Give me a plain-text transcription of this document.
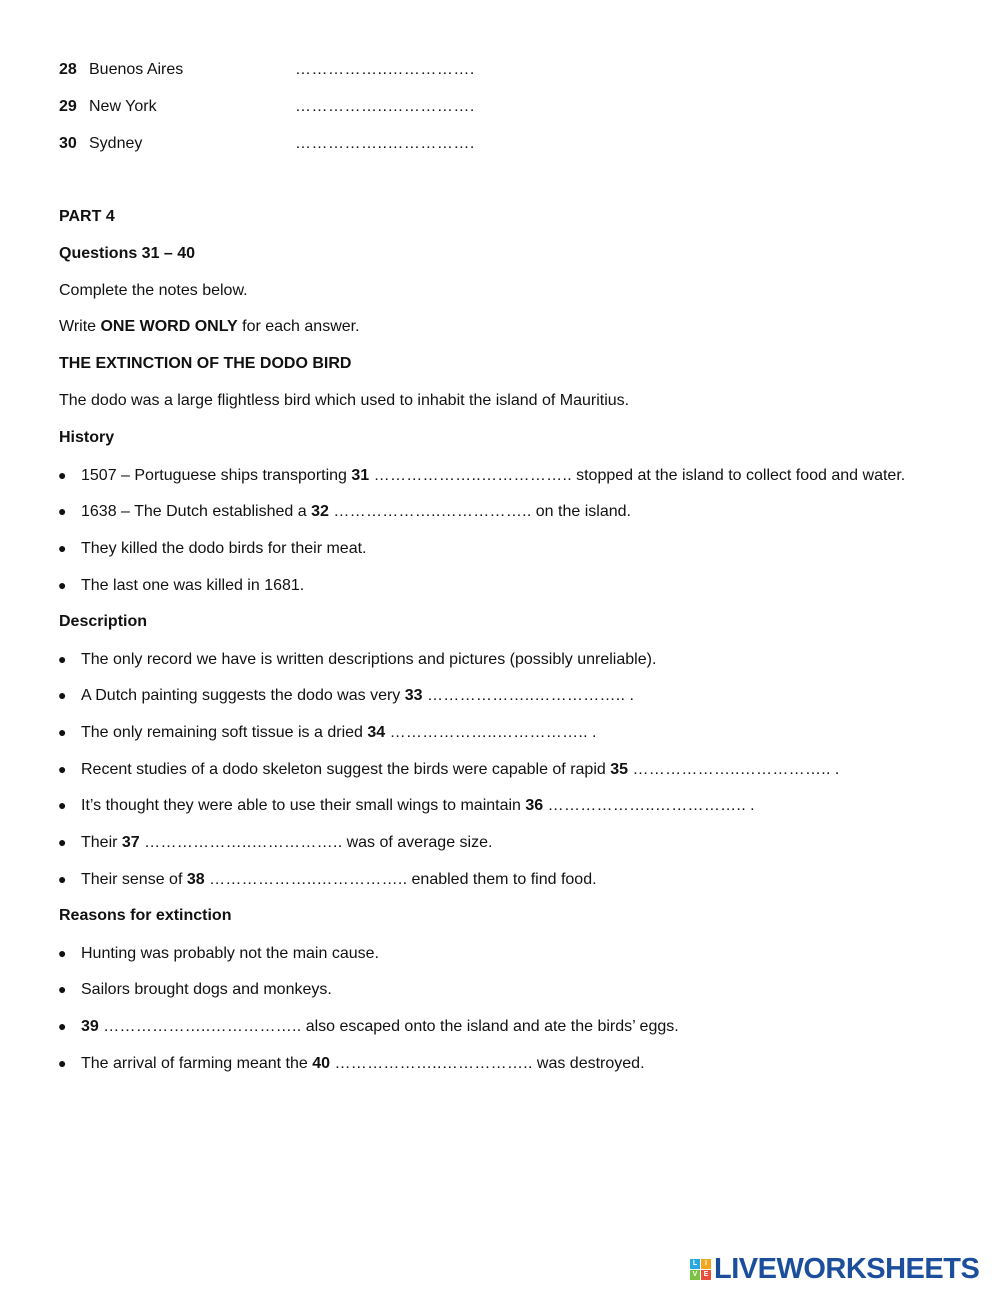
28 Buenos Aires	……………..…………….
29 New York	……………..…………….
30 Sydney	……………..…………….
PART 4
Questions 31 – 40
Complete the notes below.
Write ONE WORD ONLY for each answer.
THE EXTINCTION OF THE DODO BIRD
The dodo was a large flightless bird which used to inhabit the island of Mauritius.
History
● 1507 – Portuguese ships transporting 31 ………………..…………….. stopped at the island to collect food and water.
● 1638 – The Dutch established a 32 ………………..…………….. on the island.
● They killed the dodo birds for their meat.
● The last one was killed in 1681.
Description
● The only record we have is written descriptions and pictures (possibly unreliable).
● A Dutch painting suggests the dodo was very 33 ………………..…………….. .
● The only remaining soft tissue is a dried 34 ………………..…………….. .
● Recent studies of a dodo skeleton suggest the birds were capable of rapid 35 ………………..…………….. .
● It’s thought they were able to use their small wings to maintain 36 ………………..…………….. .
● Their 37 ………………..…………….. was of average size.
● Their sense of 38 ………………..…………….. enabled them to find food.
Reasons for extinction
● Hunting was probably not the main cause.
● Sailors brought dogs and monkeys.
● 39 ………………..…………….. also escaped onto the island and ate the birds’ eggs.
● The arrival of farming meant the 40 ………………..…………….. was destroyed.
L	I
V E LIVEWORKSHEETS
